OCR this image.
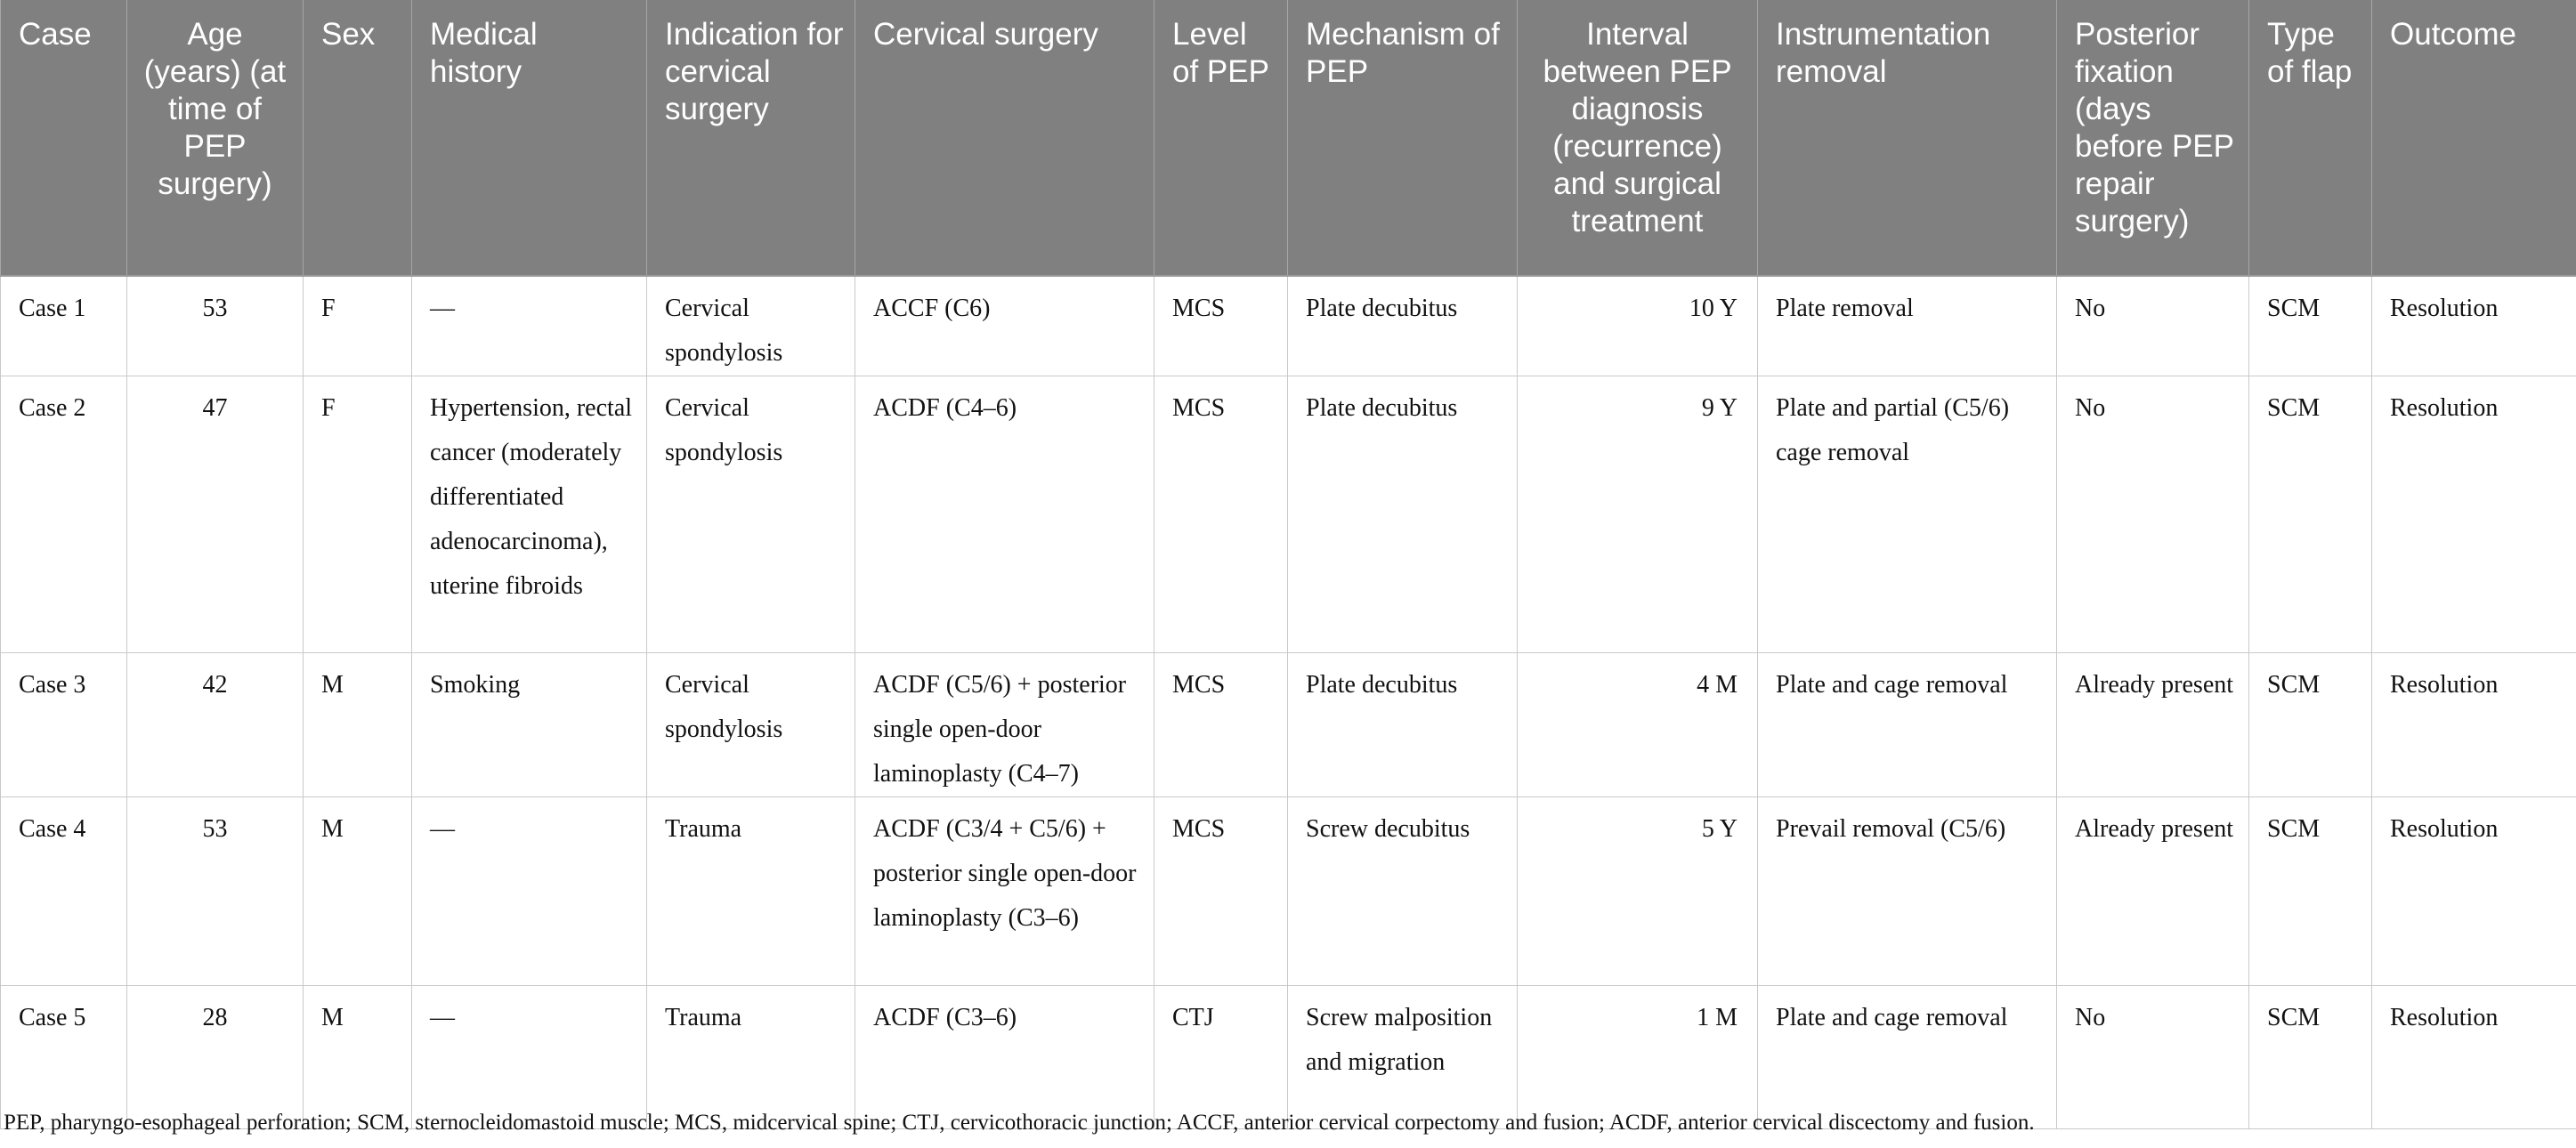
Case	Age (years) (at time of PEP surgery)	Sex	Medical history	Indication for cervical surgery	Cervical surgery	Level of PEP	Mechanism of PEP	Interval between PEP diagnosis (recurrence) and surgical treatment	Instrumentation removal	Posterior fixation (days before PEP repair surgery)	Type of flap	Outcome
Case 1	53	F	—	Cervical spondylosis	ACCF (C6)	MCS	Plate decubitus	10 Y	Plate removal	No	SCM	Resolution
Case 2	47	F	Hypertension, rectal cancer (moderately differentiated adenocarcinoma), uterine fibroids	Cervical spondylosis	ACDF (C4–6)	MCS	Plate decubitus	9 Y	Plate and partial (C5/6) cage removal	No	SCM	Resolution
Case 3	42	M	Smoking	Cervical spondylosis	ACDF (C5/6) + posterior single open-door laminoplasty (C4–7)	MCS	Plate decubitus	4 M	Plate and cage removal	Already present	SCM	Resolution
Case 4	53	M	—	Trauma	ACDF (C3/4 + C5/6) + posterior single open-door laminoplasty (C3–6)	MCS	Screw decubitus	5 Y	Prevail removal (C5/6)	Already present	SCM	Resolution
Case 5	28	M	—	Trauma	ACDF (C3–6)	CTJ	Screw malposition and migration	1 M	Plate and cage removal	No	SCM	Resolution
PEP, pharyngo-esophageal perforation; SCM, sternocleidomastoid muscle; MCS, midcervical spine; CTJ, cervicothoracic junction; ACCF, anterior cervical corpectomy and fusion; ACDF, anterior cervical discectomy and fusion.
